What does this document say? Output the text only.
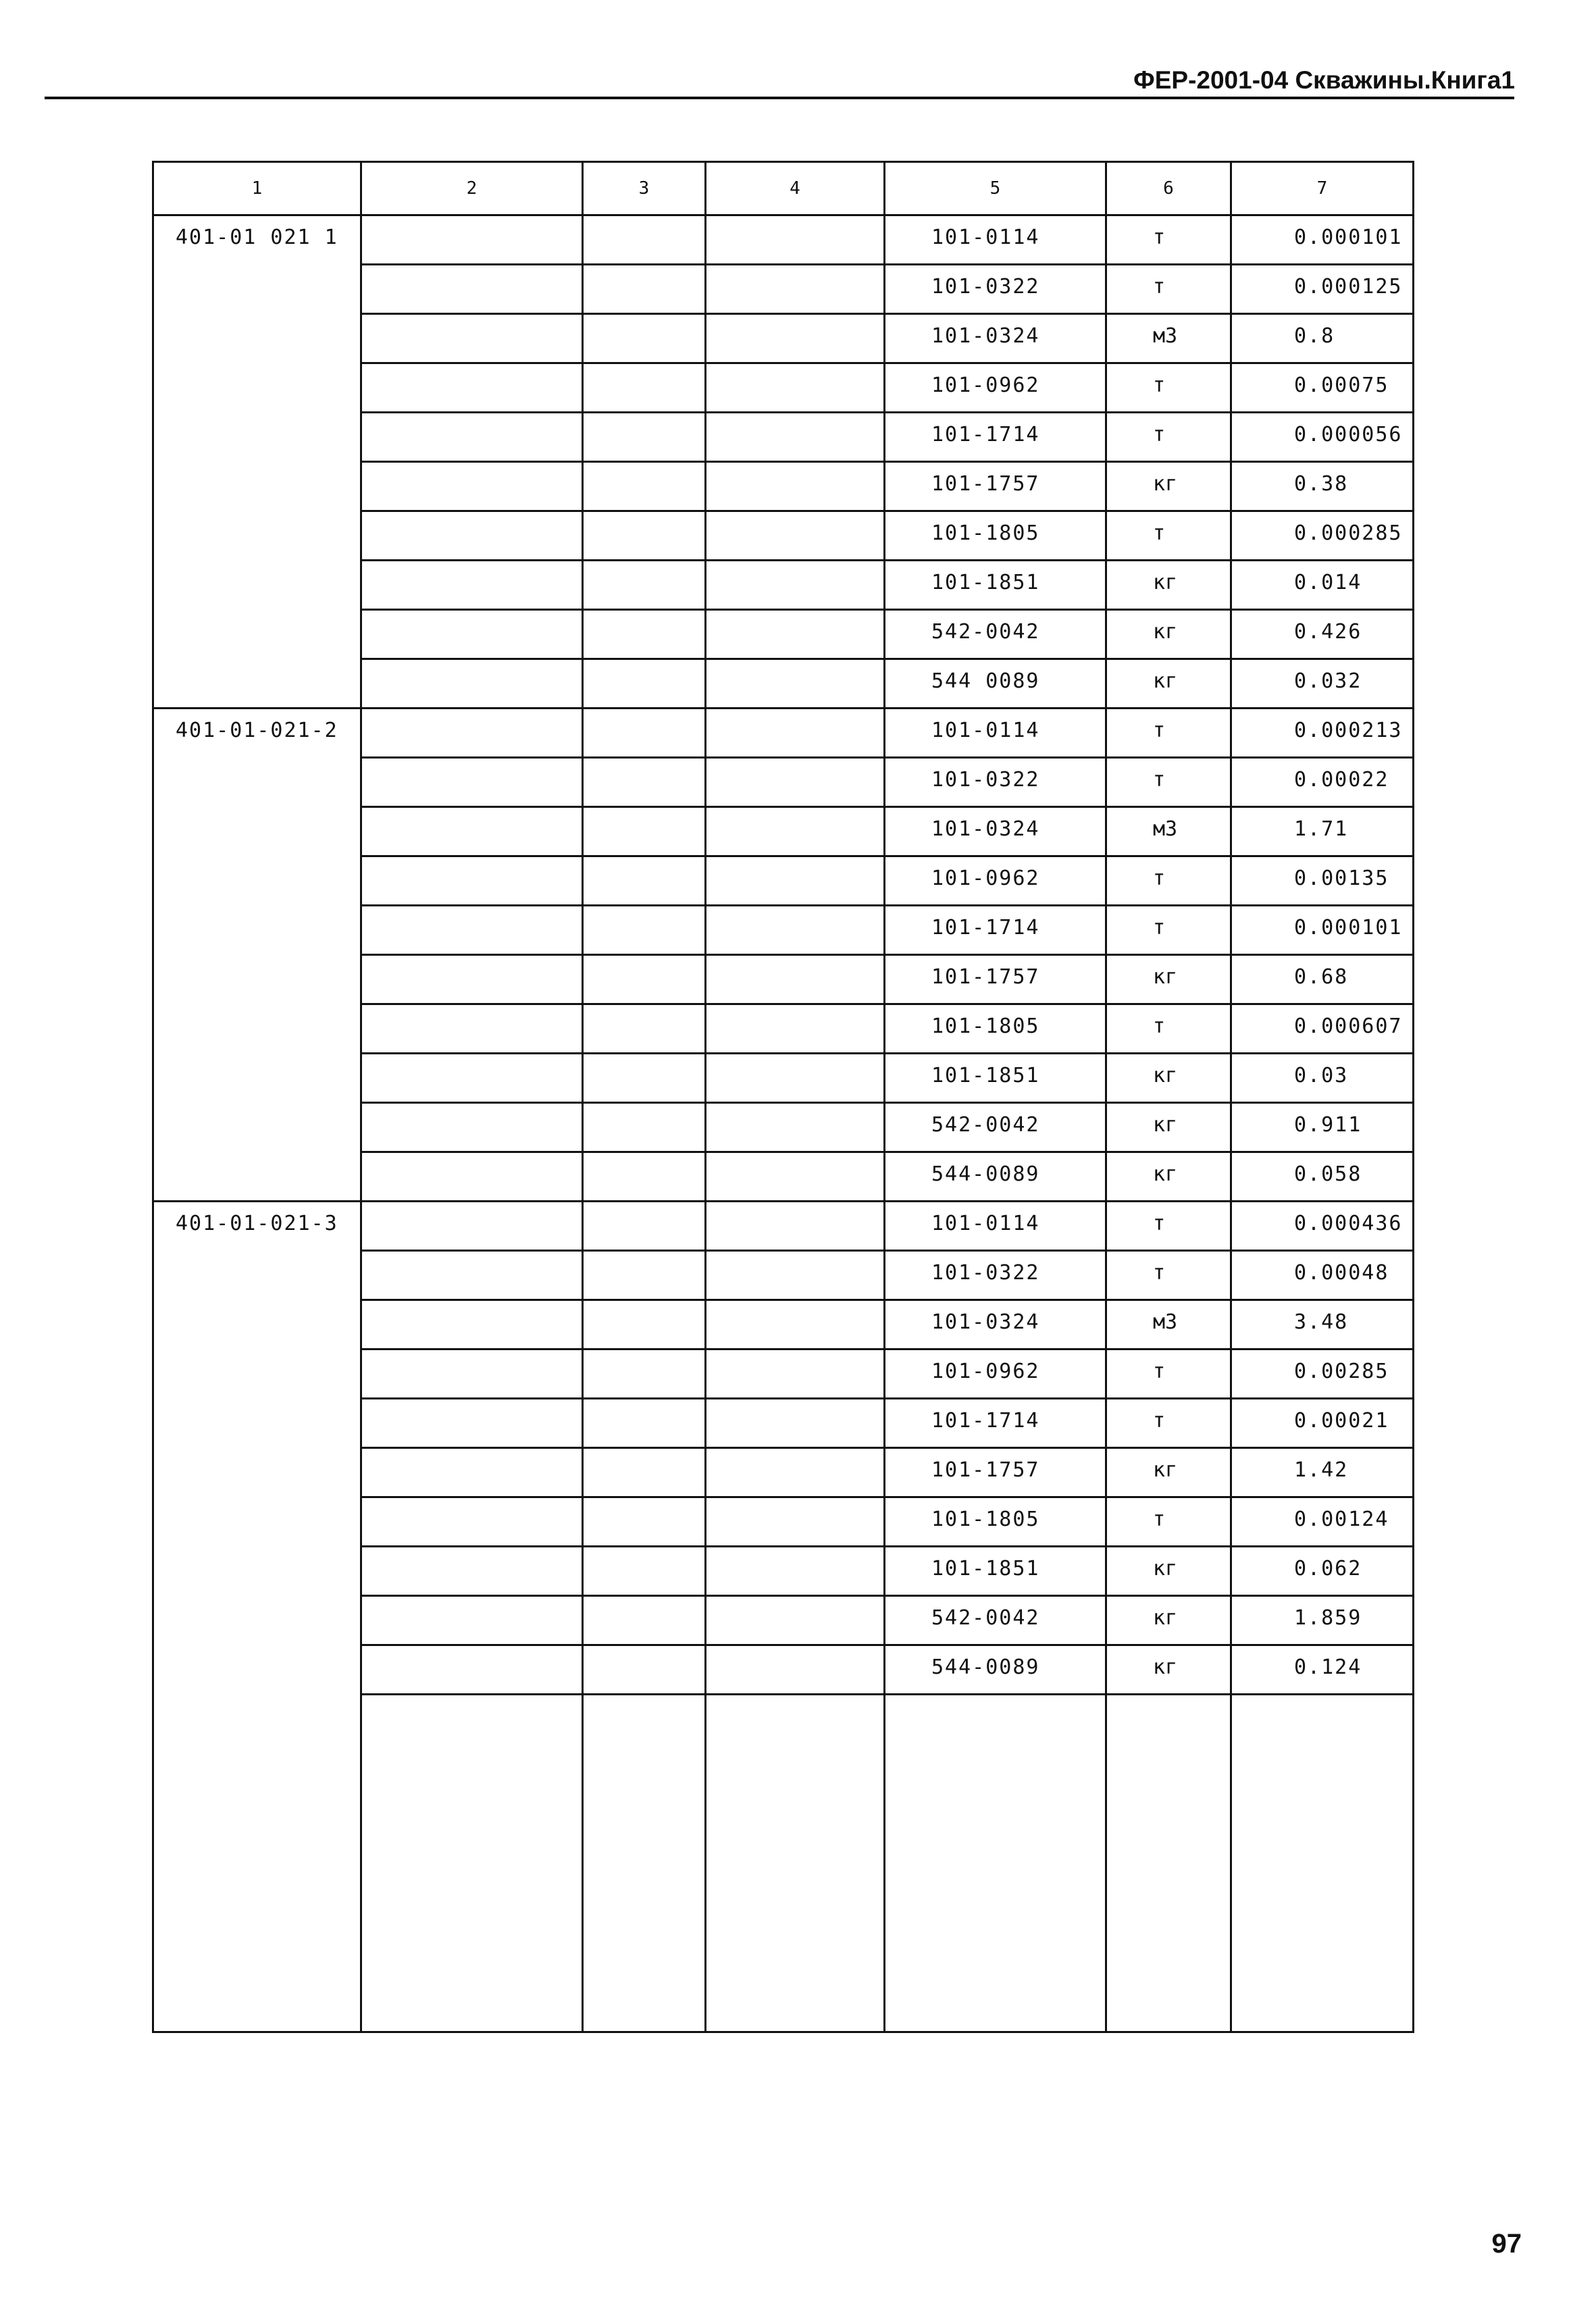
ФЕР-2001-04 Скважины.Книга1
1	2	3	4	5	6	7
401-01 021 1				101-0114	т	0.000101
				101-0322	т	0.000125
				101-0324	м3	0.8
				101-0962	т	0.00075
				101-1714	т	0.000056
				101-1757	кг	0.38
				101-1805	т	0.000285
				101-1851	кг	0.014
				542-0042	кг	0.426
				544 0089	кг	0.032
401-01-021-2				101-0114	т	0.000213
				101-0322	т	0.00022
				101-0324	м3	1.71
				101-0962	т	0.00135
				101-1714	т	0.000101
				101-1757	кг	0.68
				101-1805	т	0.000607
				101-1851	кг	0.03
				542-0042	кг	0.911
				544-0089	кг	0.058
401-01-021-3				101-0114	т	0.000436
				101-0322	т	0.00048
				101-0324	м3	3.48
				101-0962	т	0.00285
				101-1714	т	0.00021
				101-1757	кг	1.42
				101-1805	т	0.00124
				101-1851	кг	0.062
				542-0042	кг	1.859
				544-0089	кг	0.124

97
